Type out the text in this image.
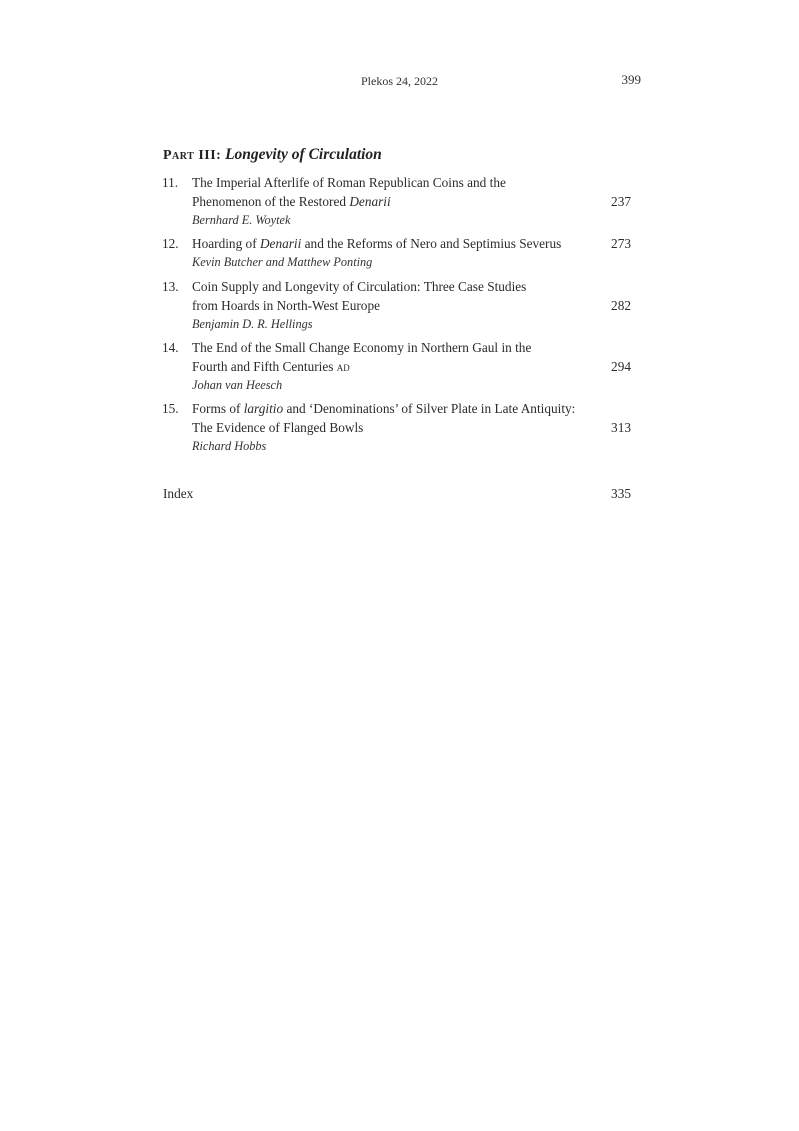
Plekos 24, 2022	399
Part III: Longevity of Circulation
11. The Imperial Afterlife of Roman Republican Coins and the
Phenomenon of the Restored Denarii
Bernhard E. Woytek
237
12. Hoarding of Denarii and the Reforms of Nero and Septimius Severus
Kevin Butcher and Matthew Ponting
273
13. Coin Supply and Longevity of Circulation: Three Case Studies
from Hoards in North-West Europe
Benjamin D. R. Hellings
282
14. The End of the Small Change Economy in Northern Gaul in the
Fourth and Fifth Centuries ad
Johan van Heesch
294
15. Forms of largitio and ‘Denominations’ of Silver Plate in Late Antiquity:
The Evidence of Flanged Bowls
Richard Hobbs
313
Index	335
